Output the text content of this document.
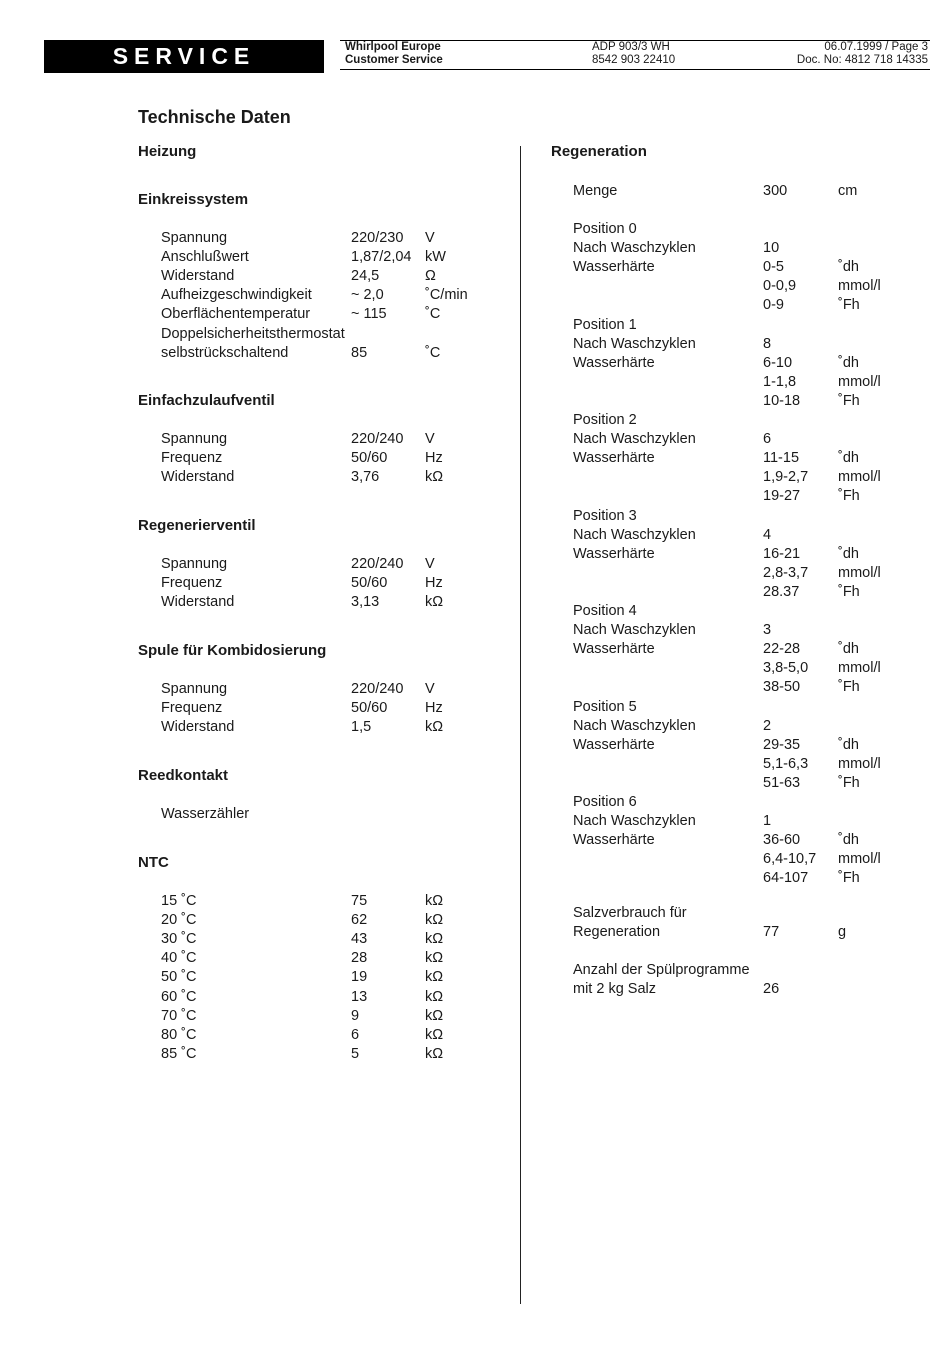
SERVICE	Whirlpool Europe
Customer Service
ADP 903/3 WH
8542 903 22410
06.07.1999 / Page 3
Doc. No: 4812 718 14335
Technische Daten
Heizung
Einkreissystem
Spannung	220/230 V
Anschlußwert	1,87/2,04 kW
Widerstand	24,5	Ω
Aufheizgeschwindigkeit	~ 2,0	˚C/min
Oberflächentemperatur	~ 115	˚C
Doppelsicherheitsthermostat
selbstrückschaltend	85	˚C
Einfachzulaufventil
Spannung	220/240 V
Frequenz	50/60	Hz
Widerstand	3,76	kΩ
Regenerierventil
Spannung	220/240 V
Frequenz	50/60	Hz
Widerstand	3,13	kΩ
Spule für Kombidosierung
Spannung	220/240 V
Frequenz	50/60	Hz
Widerstand	1,5	kΩ
Reedkontakt
Wasserzähler
NTC
15 ˚C	75	kΩ
20 ˚C	62	kΩ
30 ˚C	43	kΩ
40 ˚C	28	kΩ
50 ˚C	19	kΩ
60 ˚C	13	kΩ
70 ˚C	9	kΩ
80 ˚C	6	kΩ
85 ˚C	5	kΩ
Regeneration
Menge	300	cm
Position 0
Nach Waschzyklen	10
Wasserhärte	0-5	˚dh
0-0,9	mmol/l
0-9	˚Fh
Position 1
Nach Waschzyklen	8
Wasserhärte	6-10	˚dh
1-1,8	mmol/l
10-18	˚Fh
Position 2
Nach Waschzyklen	6
Wasserhärte	11-15	˚dh
1,9-2,7 mmol/l
19-27	˚Fh
Position 3
Nach Waschzyklen	4
Wasserhärte	16-21	˚dh
2,8-3,7 mmol/l
28.37	˚Fh
Position 4
Nach Waschzyklen	3
Wasserhärte	22-28	˚dh
3,8-5,0 mmol/l
38-50	˚Fh
Position 5
Nach Waschzyklen	2
Wasserhärte	29-35	˚dh
5,1-6,3 mmol/l
51-63	˚Fh
Position 6
Nach Waschzyklen	1
Wasserhärte	36-60	˚dh
6,4-10,7 mmol/l
64-107 ˚Fh
Salzverbrauch für
Regeneration	77	g
Anzahl der Spülprogramme
mit 2 kg Salz	26
